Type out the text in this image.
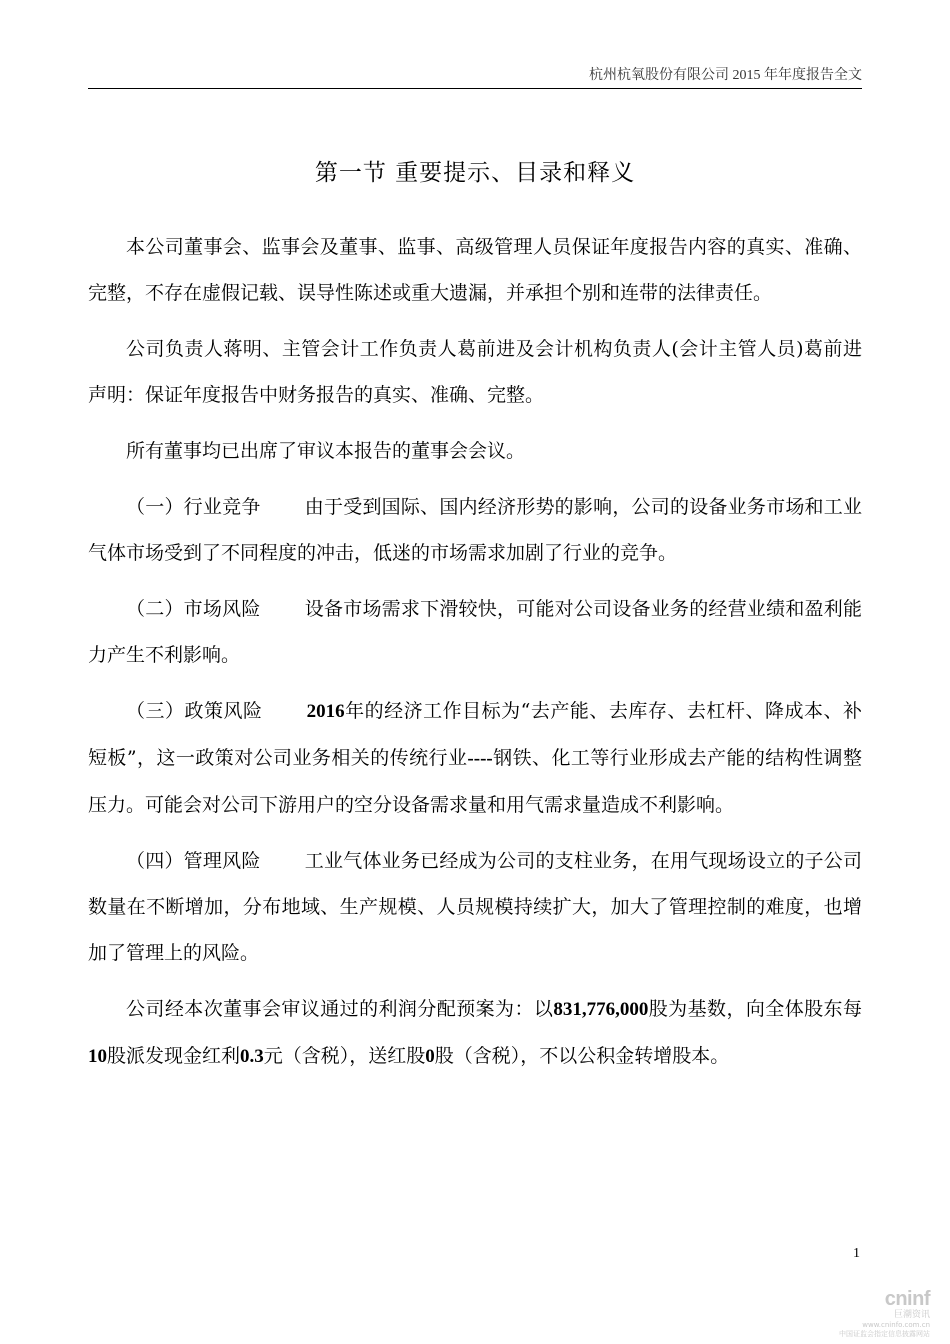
杭州杭氧股份有限公司 2015 年年度报告全文
第一节 重要提示、目录和释义

本公司董事会、监事会及董事、监事、高级管理人员保证年度报告内容的真实、准确、完整，不存在虚假记载、误导性陈述或重大遗漏，并承担个别和连带的法律责任。

公司负责人蒋明、主管会计工作负责人葛前进及会计机构负责人(会计主管人员)葛前进声明：保证年度报告中财务报告的真实、准确、完整。

所有董事均已出席了审议本报告的董事会会议。

（一）行业竞争 由于受到国际、国内经济形势的影响，公司的设备业务市场和工业气体市场受到了不同程度的冲击，低迷的市场需求加剧了行业的竞争。

（二）市场风险 设备市场需求下滑较快，可能对公司设备业务的经营业绩和盈利能力产生不利影响。

（三）政策风险 2016年的经济工作目标为“去产能、去库存、去杠杆、降成本、补短板”，这一政策对公司业务相关的传统行业----钢铁、化工等行业形成去产能的结构性调整压力。可能会对公司下游用户的空分设备需求量和用气需求量造成不利影响。

（四）管理风险 工业气体业务已经成为公司的支柱业务，在用气现场设立的子公司数量在不断增加，分布地域、生产规模、人员规模持续扩大，加大了管理控制的难度，也增加了管理上的风险。

公司经本次董事会审议通过的利润分配预案为：以831,776,000股为基数，向全体股东每10股派发现金红利0.3元（含税），送红股0股（含税），不以公积金转增股本。

1
cninf
巨潮资讯
www.cninfo.com.cn
中国证监会指定信息披露网站
